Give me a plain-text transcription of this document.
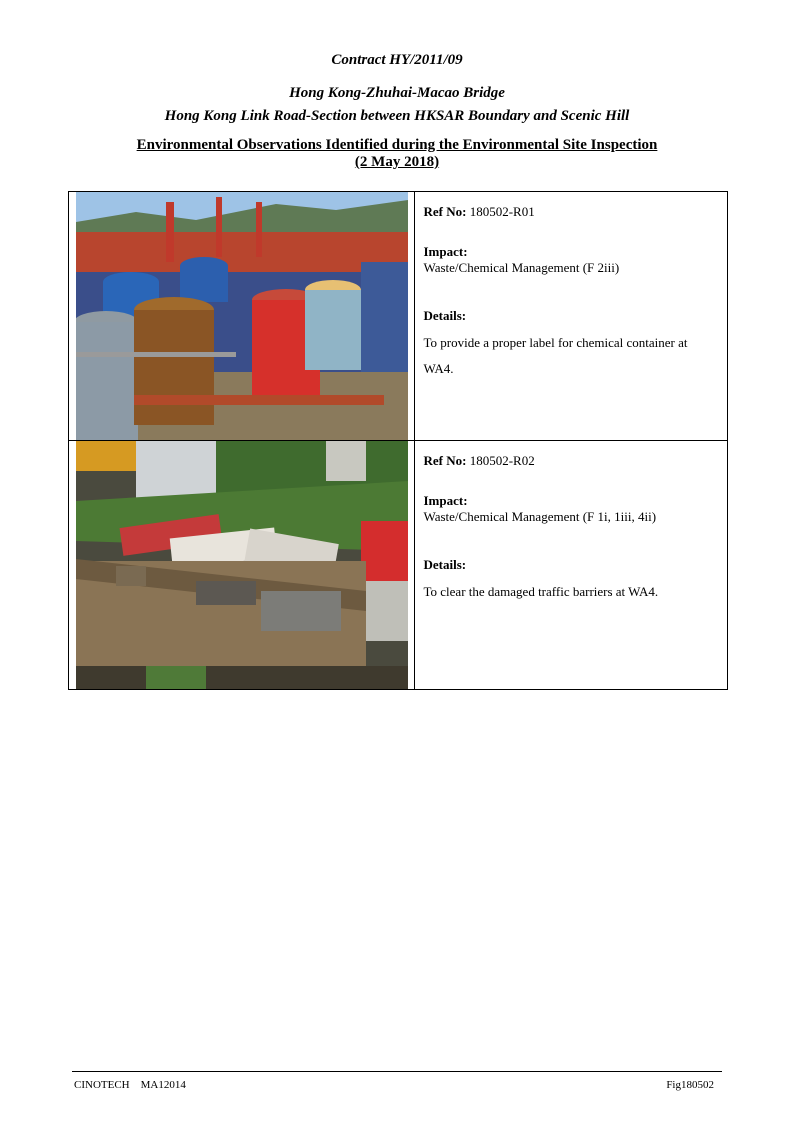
Contract HY/2011/09
Hong Kong-Zhuhai-Macao Bridge
Hong Kong Link Road-Section between HKSAR Boundary and Scenic Hill
Environmental Observations Identified during the Environmental Site Inspection
(2 May 2018)

Ref No: 180502-R01

Impact:

Waste/Chemical Management (F 2iii)

Details:

To provide a proper label for chemical container at WA4.

Ref No: 180502-R02

Impact:

Waste/Chemical Management (F 1i, 1iii, 4ii)

Details:

To clear the damaged traffic barriers at WA4.

CINOTECH    MA12014	Fig180502
